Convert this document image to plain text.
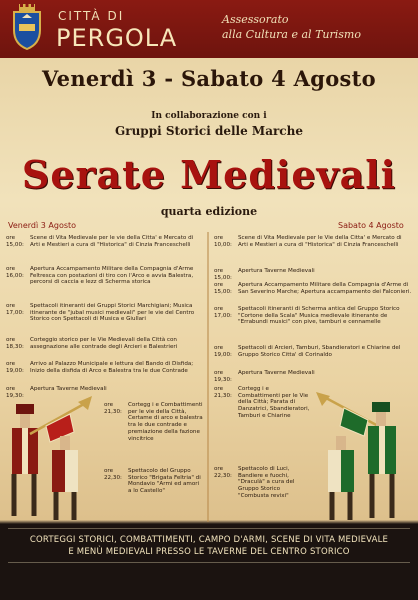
CITTÀ DI
PERGOLA
Assessorato
alla Cultura e al Turismo
Venerdì 3 - Sabato 4 Agosto
In collaborazione con i
Gruppi Storici delle Marche
Serate Medievali
quarta edizione
Venerdì 3 Agosto	Sabato 4 Agosto
ore 15,00:
Scene di Vita Medievale per le vie della Citta' e Mercato di Arti e Mestieri a cura di "Historica" di Cinzia Franceschelli
ore 16,00:
Apertura Accampamento Militare della Compagnia d'Arme Feltresca con postazioni di tiro con l'Arco e avvia Balestra, percorsi di caccia e lezz di Scherma storica
ore 17,00:
Spettacoli itineranti dei Gruppi Storici Marchigiani; Musica itinerante de "jubal musici medievali" per le vie del Centro Storico con Spettacoli di Musica e Giullari
ore 18,30:
Corteggio storico per le Vie Medievali della Città con assegnazione alle contrade degli Arcieri e Balestrieri
ore 19,00:
Arrivo al Palazzo Municipale e lettura del Bando di Disfida; Inizio della disfida di Arco e Balestra tra le due Contrade
ore 19,30:
Apertura Taverne Medievali
ore 21,30:
Cortegg i e Combattimenti per le vie della Città, Certame di arco e balestra tra le due contrade e premiazione della fazione vincitrice
ore 22,30:
Spettacolo del Gruppo Storico "Brigata Feltria" di Mondavio "Armi ed amori a lo Castello"
ore 10,00:
Scene di Vita Medievale per le Vie della Citta' e Mercato di Arti e Mestieri a cura di "Historica" di Cinzia Franceschelli
ore 15,00:
Apertura Taverne Medievali
ore 15,00:
Apertura Accampamento Militare della Compagnia d'Arme di San Severino Marche; Apertura accampamento dei Falconieri.
ore 17,00:
Spettacoli itineranti di Scherma antica del Gruppo Storico "Cortone della Scala" Musica medievale itinerante de "Errabundi musici" con pive, tamburi e cennamelle
ore 19,00:
Spettacoli di Arcieri, Tamburi, Sbandieratori e Chiarine del Gruppo Storico Citta' di Corinaldo
ore 19,30:
Apertura Taverne Medievali
ore 21,30:
Cortegg i e Combattimenti per le Vie della Città; Parata di Danzatrici, Sbandieratori, Tamburi e Chiarine
ore 22,30:
Spettacolo di Luci, Bandiere e fuochi, "Draculà" a cura del Gruppo Storico "Combusta revixi"
CORTEGGI STORICI, COMBATTIMENTI, CAMPO D'ARMI, SCENE DI VITA MEDIEVALE
E MENÙ MEDIEVALI PRESSO LE TAVERNE DEL CENTRO STORICO
